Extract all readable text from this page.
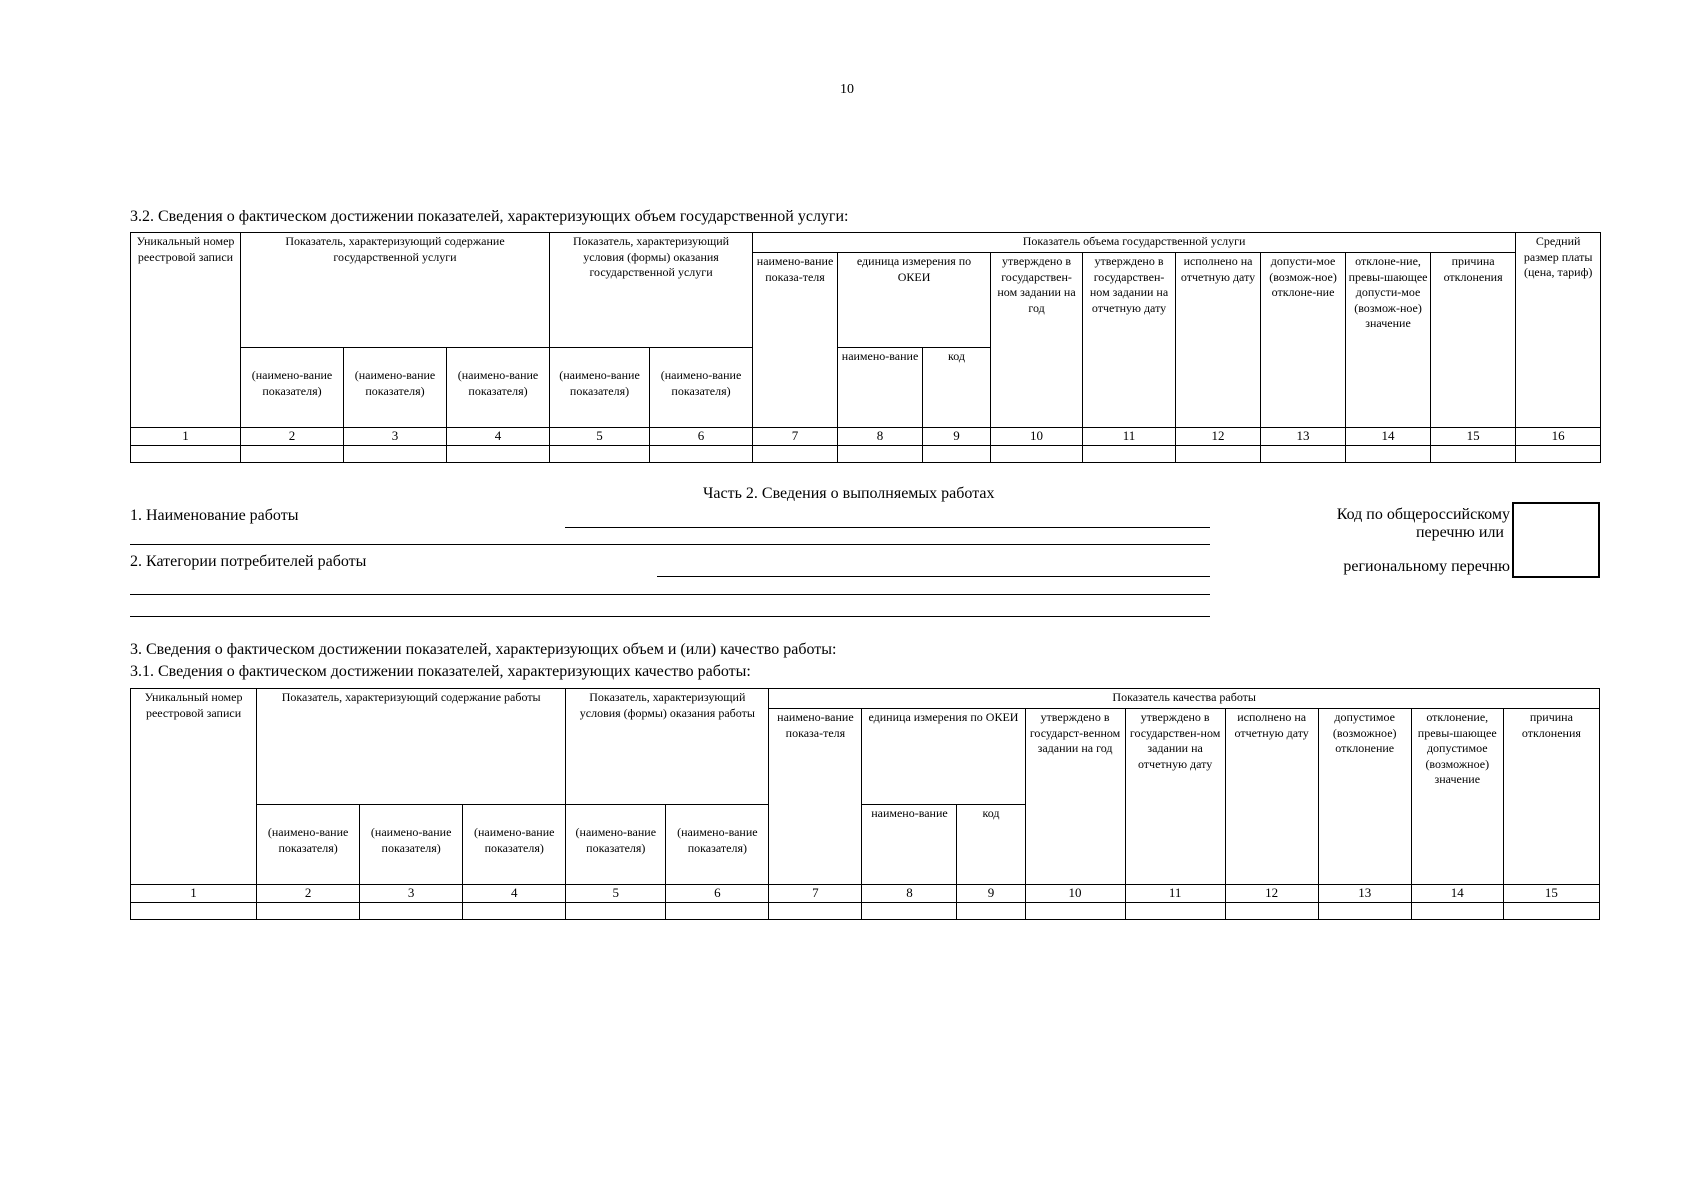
10
3.2. Сведения о фактическом достижении показателей, характеризующих объем государственной услуги:
Уникальный номер реестровой записи	Показатель, характеризующий содержание государственной услуги			Показатель, характеризующий условия (формы) оказания государственной услуги		Показатель объема государственной услуги									Средний размер платы (цена, тариф)
						наимено-вание показа-теля	единица измерения по ОКЕИ		утверждено в государствен-ном задании на год	утверждено в государствен-ном задании на отчетную дату	исполнено на отчетную дату	допусти-мое (возмож-ное) отклоне-ние	отклоне-ние, превы-шающее допусти-мое (возмож-ное) значение	причина отклонения	
	(наимено-вание показателя)	(наимено-вание показателя)	(наимено-вание показателя)	(наимено-вание показателя)	(наимено-вание показателя)		наимено-вание	код							
1	2	3	4	5	6	7	8	9	10	11	12	13	14	15	16

Часть 2. Сведения о выполняемых работах
1. Наименование работы
2. Категории потребителей работы
Код по общероссийскому
перечню или
региональному перечню
3. Сведения о фактическом достижении показателей, характеризующих объем и (или) качество работы:
3.1. Сведения о фактическом достижении показателей, характеризующих качество работы:
Уникальный номер реестровой записи	Показатель, характеризующий содержание работы			Показатель, характеризующий условия (формы) оказания работы		Показатель качества работы								
						наимено-вание показа-теля	единица измерения по ОКЕИ		утверждено в государст-венном задании на год	утверждено в государствен-ном задании на отчетную дату	исполнено на отчетную дату	допустимое (возможное) отклонение	отклонение, превы-шающее допустимое (возможное) значение	причина отклонения
	(наимено-вание показателя)	(наимено-вание показателя)	(наимено-вание показателя)	(наимено-вание показателя)	(наимено-вание показателя)		наимено-вание	код						
1	2	3	4	5	6	7	8	9	10	11	12	13	14	15
